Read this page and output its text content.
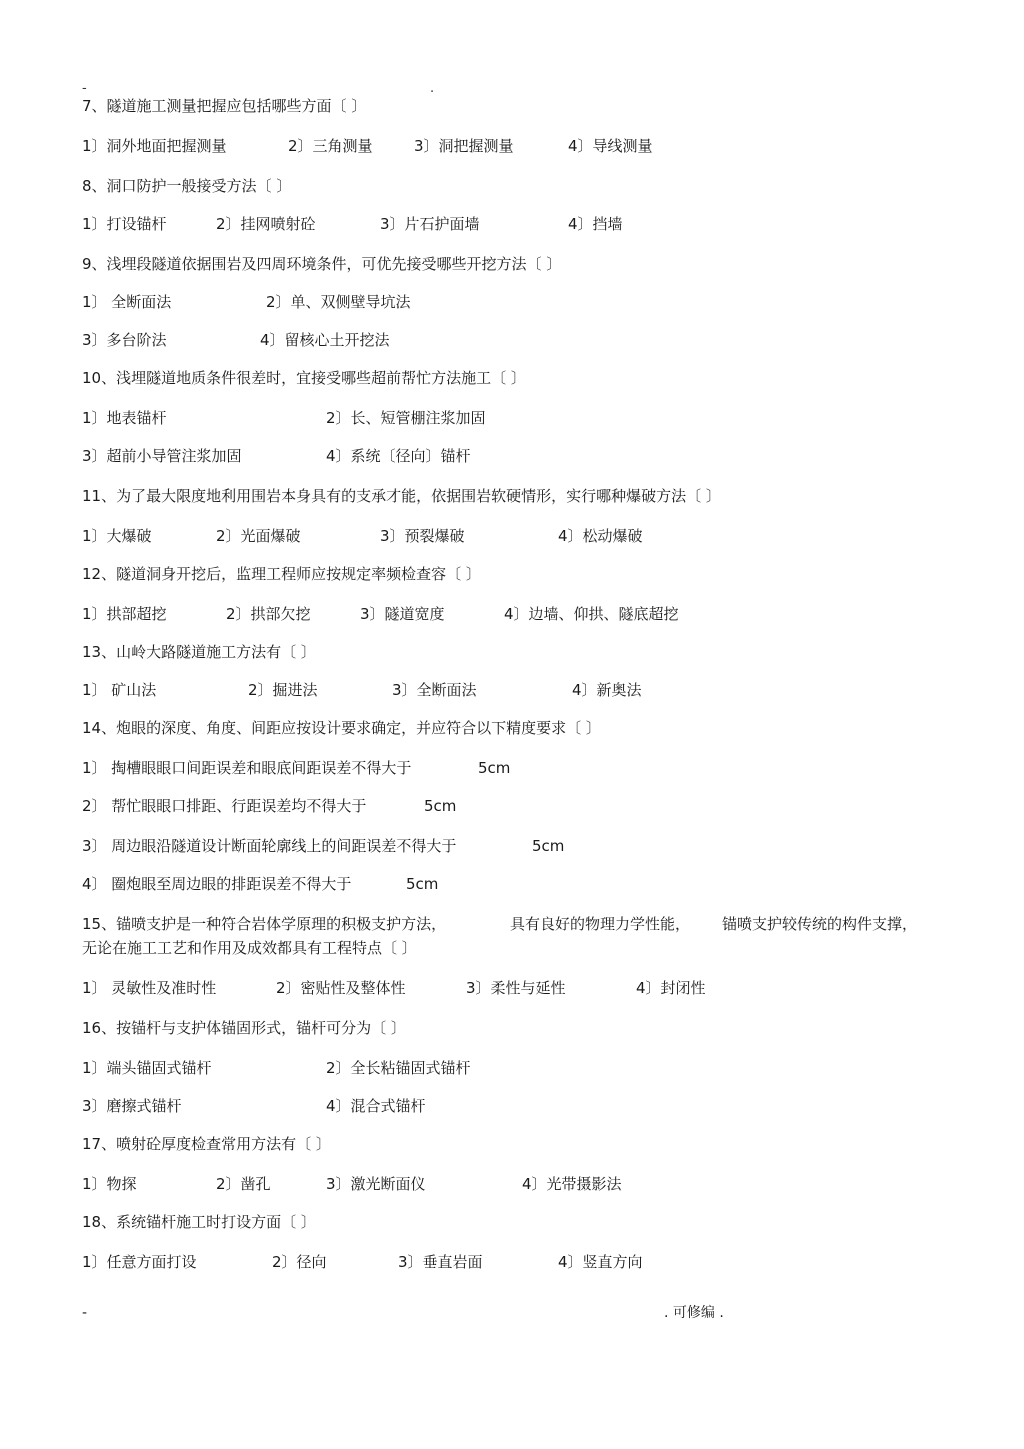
-	.
7、隧道施工测量把握应包括哪些方面〔 〕
1〕洞外地面把握测量	2〕三角测量	3〕洞把握测量	4〕导线测量
8、洞口防护一般接受方法〔 〕
1〕打设锚杆	2〕挂网喷射砼	3〕片石护面墙	4〕挡墙
9、浅埋段隧道依据围岩及四周环境条件，可优先接受哪些开挖方法〔 〕
1〕 全断面法	2〕单、双侧壁导坑法
3〕多台阶法	4〕留核心土开挖法
10、浅埋隧道地质条件很差时，宜接受哪些超前帮忙方法施工〔 〕
1〕地表锚杆	2〕长、短管棚注浆加固
3〕超前小导管注浆加固	4〕系统〔径向〕锚杆
11、为了最大限度地利用围岩本身具有的支承才能，依据围岩软硬情形，实行哪种爆破方法〔 〕
1〕大爆破	2〕光面爆破	3〕预裂爆破	4〕松动爆破
12、隧道洞身开挖后，监理工程师应按规定率频检查容〔 〕
1〕拱部超挖	2〕拱部欠挖	3〕隧道宽度	4〕边墙、仰拱、隧底超挖
13、山岭大路隧道施工方法有〔 〕
1〕 矿山法	2〕掘进法	3〕全断面法	4〕新奥法
14、炮眼的深度、角度、间距应按设计要求确定，并应符合以下精度要求〔 〕
1〕 掏槽眼眼口间距误差和眼底间距误差不得大于	5cm
2〕 帮忙眼眼口排距、行距误差均不得大于	5cm
3〕 周边眼沿隧道设计断面轮廓线上的间距误差不得大于	5cm
4〕 圈炮眼至周边眼的排距误差不得大于	5cm
15、锚喷支护是一种符合岩体学原理的积极支护方法，	具有良好的物理力学性能， 锚喷支护较传统的构件支撑，
无论在施工工艺和作用及成效都具有工程特点〔 〕
1〕 灵敏性及准时性	2〕密贴性及整体性	3〕柔性与延性	4〕封闭性
16、按锚杆与支护体锚固形式，锚杆可分为〔 〕
1〕端头锚固式锚杆	2〕全长粘锚固式锚杆
3〕磨擦式锚杆	4〕混合式锚杆
17、喷射砼厚度检查常用方法有〔 〕
1〕物探	2〕凿孔	3〕激光断面仪	4〕光带摄影法
18、系统锚杆施工时打设方面〔 〕
1〕任意方面打设	2〕径向	3〕垂直岩面	4〕竖直方向
-	. 可修编 .
